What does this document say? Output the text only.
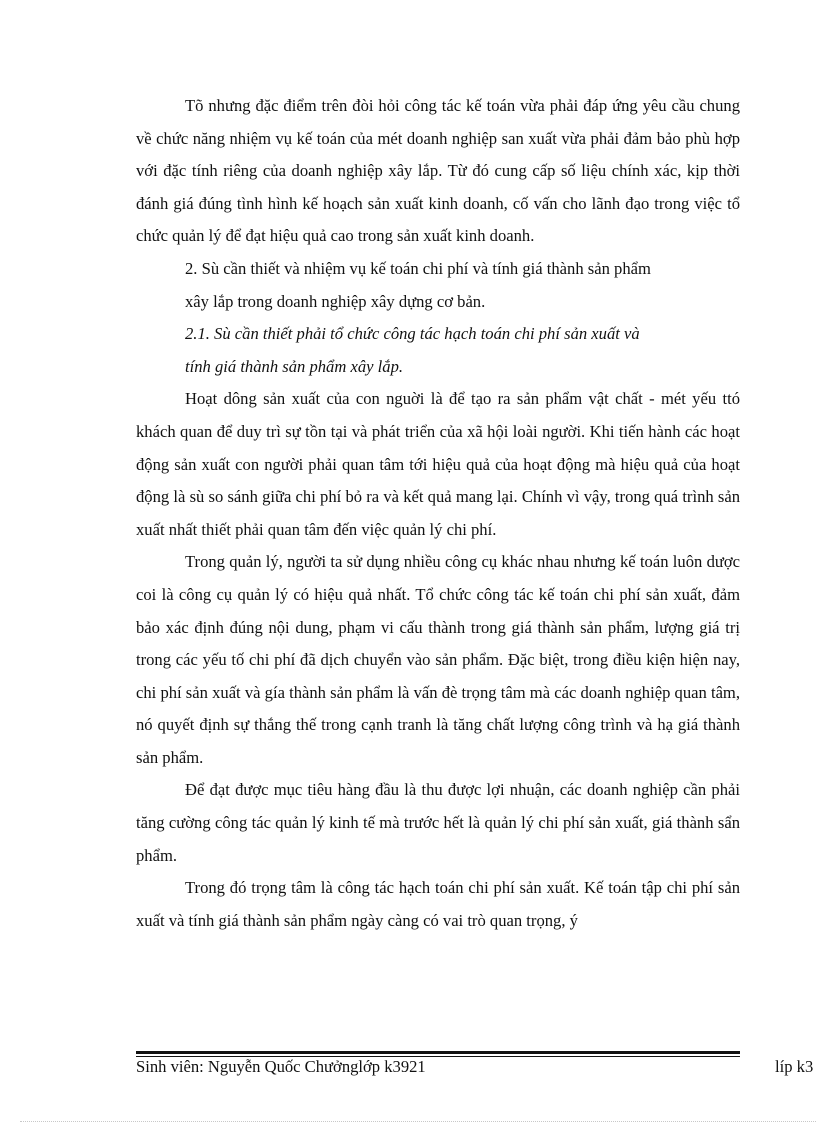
Tõ nhưng đặc điểm trên đòi hỏi công tác kế toán vừa phải đáp ứng yêu cầu chung về chức năng nhiệm vụ kế toán của mét doanh nghiệp san xuất vừa phải đảm bảo phù hợp với đặc tính riêng của doanh nghiệp xây lắp. Từ đó cung cấp số liệu chính xác, kịp thời đánh giá đúng tình hình kế hoạch sản xuất kinh doanh, cố vấn cho lãnh đạo trong việc tổ chức quản lý để đạt hiệu quả cao trong sản xuất kinh doanh.

2. Sù cần thiết và nhiệm vụ kế toán chi phí và tính giá thành sản phẩm

xây lắp trong doanh nghiệp xây dựng cơ bản.

2.1. Sù cần thiết phải tổ chức công tác hạch toán chi phí sản xuất và

tính giá thành sản phẩm xây lắp.

Hoạt dông sản xuất của con nguời là để tạo ra sản phẩm vật chất - mét yếu ttó khách quan để duy trì sự tồn tại và phát triển của xã hội loài người. Khi tiến hành các hoạt động sản xuất con người phải quan tâm tới hiệu quả của hoạt động mà hiệu quả của hoạt động là sù so sánh giữa chi phí bỏ ra và kết quả mang lại. Chính vì vậy, trong quá trình sản xuất nhất thiết phải quan tâm đến việc quản lý chi phí.

Trong quản lý, người ta sử dụng nhiều công cụ khác nhau nhưng kế toán luôn dược coi là công cụ quản lý có hiệu quả nhất. Tổ chức công tác kế toán chi phí sản xuất, đảm bảo xác định đúng nội dung, phạm vi cấu thành trong giá thành sản phẩm, lượng giá trị trong các yếu tố chi phí đã dịch chuyển vào sản phẩm. Đặc biệt, trong điều kiện hiện nay, chi phí sản xuất và gía thành sản phẩm là vấn đè trọng tâm mà các doanh nghiệp quan tâm, nó quyết định sự thắng thế trong cạnh tranh là tăng chất lượng công trình và hạ giá thành sản phẩm.

Để đạt được mục tiêu hàng đầu là thu được lợi nhuận, các doanh nghiệp cần phải tăng cường công tác quản lý kinh tế mà trước hết là quản lý chi phí sản xuất, giá thành sẩn phẩm.

Trong đó trọng tâm là công tác hạch toán chi phí sản xuất. Kế toán tập chi phí sản xuất và tính giá thành sản phẩm ngày càng có vai trò quan trọng, ý

Sinh viên: Nguyễn Quốc Chưởnglớp k3921	líp k3
